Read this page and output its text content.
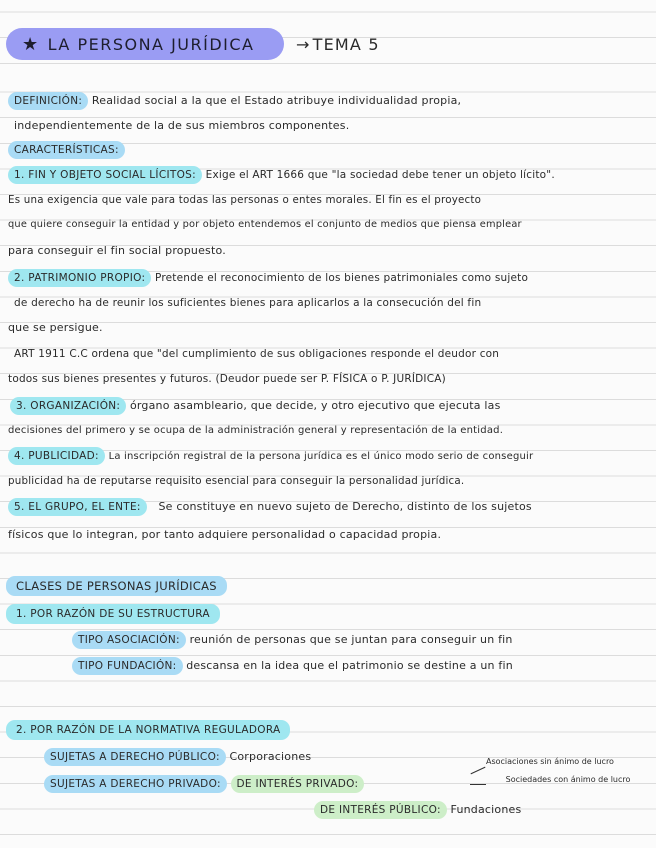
★ LA PERSONA JURÍDICA	→ TEMA 5
DEFINICIÓN: Realidad social a la que el Estado atribuye individualidad propia,
independientemente de la de sus miembros componentes.
CARACTERÍSTICAS:
1. FIN Y OBJETO SOCIAL LÍCITOS: Exige el ART 1666 que "la sociedad debe tener un objeto lícito".
Es una exigencia que vale para todas las personas o entes morales. El fin es el proyecto
que quiere conseguir la entidad y por objeto entendemos el conjunto de medios que piensa emplear
para conseguir el fin social propuesto.
2. PATRIMONIO PROPIO: Pretende el reconocimiento de los bienes patrimoniales como sujeto
de derecho ha de reunir los suficientes bienes para aplicarlos a la consecución del fin
que se persigue.
ART 1911 C.C ordena que "del cumplimiento de sus obligaciones responde el deudor con
todos sus bienes presentes y futuros. (Deudor puede ser P. FÍSICA o P. JURÍDICA)
3. ORGANIZACIÓN: órgano asambleario, que decide, y otro ejecutivo que ejecuta las
decisiones del primero y se ocupa de la administración general y representación de la entidad.
4. PUBLICIDAD: La inscripción registral de la persona jurídica es el único modo serio de conseguir
publicidad ha de reputarse requisito esencial para conseguir la personalidad jurídica.
5. EL GRUPO, EL ENTE: Se constituye en nuevo sujeto de Derecho, distinto de los sujetos
físicos que lo integran, por tanto adquiere personalidad o capacidad propia.
CLASES DE PERSONAS JURÍDICAS
1. POR RAZÓN DE SU ESTRUCTURA
TIPO ASOCIACIÓN: reunión de personas que se juntan para conseguir un fin
TIPO FUNDACIÓN: descansa en la idea que el patrimonio se destine a un fin
2. POR RAZÓN DE LA NORMATIVA REGULADORA
SUJETAS A DERECHO PÚBLICO: Corporaciones
SUJETAS A DERECHO PRIVADO: DE INTERÉS PRIVADO:
Asociaciones sin ánimo de lucro
Sociedades con ánimo de lucro
DE INTERÉS PÚBLICO: Fundaciones
